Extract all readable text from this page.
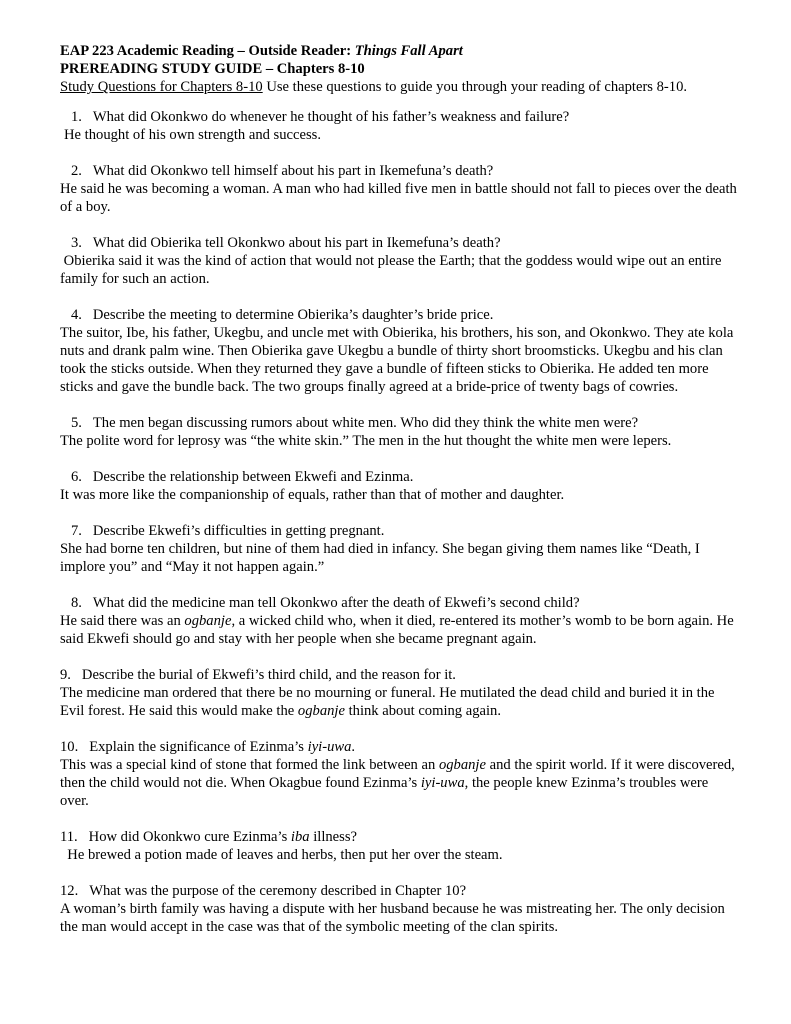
EAP 223 Academic Reading – Outside Reader: Things Fall Apart

PREREADING STUDY GUIDE – Chapters 8-10

Study Questions for Chapters 8-10 Use these questions to guide you through your reading of chapters 8-10.

1. What did Okonkwo do whenever he thought of his father’s weakness and failure?

He thought of his own strength and success.

2. What did Okonkwo tell himself about his part in Ikemefuna’s death?

He said he was becoming a woman. A man who had killed five men in battle should not fall to pieces over the death of a boy.

3. What did Obierika tell Okonkwo about his part in Ikemefuna’s death?

Obierika said it was the kind of action that would not please the Earth; that the goddess would wipe out an entire family for such an action.

4. Describe the meeting to determine Obierika’s daughter’s bride price.

The suitor, Ibe, his father, Ukegbu, and uncle met with Obierika, his brothers, his son, and Okonkwo. They ate kola nuts and drank palm wine. Then Obierika gave Ukegbu a bundle of thirty short broomsticks. Ukegbu and his clan took the sticks outside. When they returned they gave a bundle of fifteen sticks to Obierika. He added ten more sticks and gave the bundle back. The two groups finally agreed at a bride-price of twenty bags of cowries.

5. The men began discussing rumors about white men. Who did they think the white men were?

The polite word for leprosy was “the white skin.” The men in the hut thought the white men were lepers.

6. Describe the relationship between Ekwefi and Ezinma.

It was more like the companionship of equals, rather than that of mother and daughter.

7. Describe Ekwefi’s difficulties in getting pregnant.

She had borne ten children, but nine of them had died in infancy. She began giving them names like “Death, I implore you” and “May it not happen again.”

8. What did the medicine man tell Okonkwo after the death of Ekwefi’s second child?

He said there was an ogbanje, a wicked child who, when it died, re-entered its mother’s womb to be born again. He said Ekwefi should go and stay with her people when she became pregnant again.

9. Describe the burial of Ekwefi’s third child, and the reason for it.

The medicine man ordered that there be no mourning or funeral. He mutilated the dead child and buried it in the Evil forest. He said this would make the ogbanje think about coming again.

10. Explain the significance of Ezinma’s iyi-uwa.

This was a special kind of stone that formed the link between an ogbanje and the spirit world. If it were discovered, then the child would not die. When Okagbue found Ezinma’s iyi-uwa, the people knew Ezinma’s troubles were over.

11. How did Okonkwo cure Ezinma’s iba illness?

He brewed a potion made of leaves and herbs, then put her over the steam.

12. What was the purpose of the ceremony described in Chapter 10?

A woman’s birth family was having a dispute with her husband because he was mistreating her. The only decision the man would accept in the case was that of the symbolic meeting of the clan spirits.
